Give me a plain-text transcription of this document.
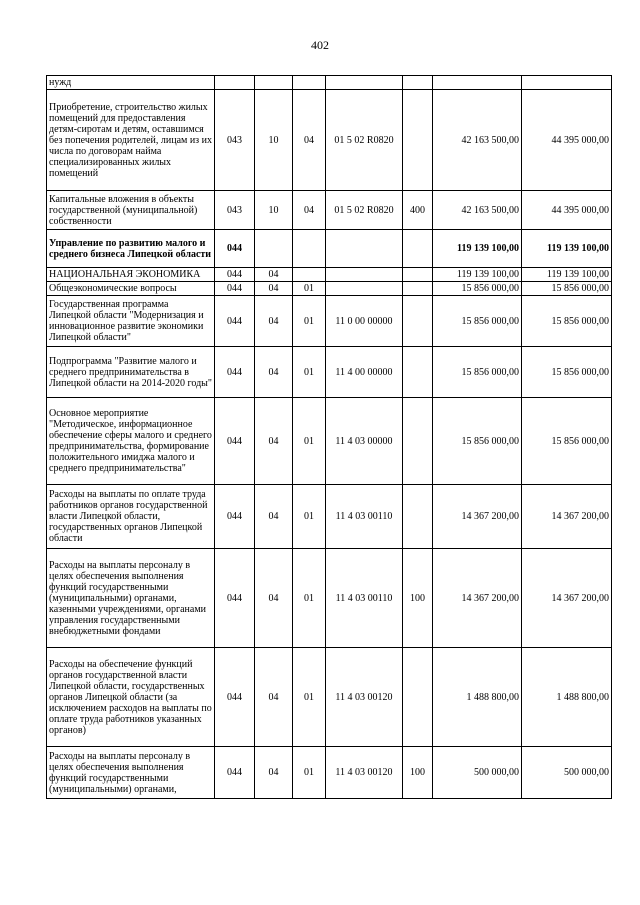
402
нужд							
Приобретение, строительство жилых помещений для предоставления детям-сиротам и детям, оставшимся без попечения родителей, лицам из их числа по договорам найма специализированных жилых помещений	043	10	04	01 5 02 R0820		42 163 500,00	44 395 000,00
Капитальные вложения в объекты государственной (муниципальной) собственности	043	10	04	01 5 02 R0820	400	42 163 500,00	44 395 000,00
Управление по развитию малого и среднего бизнеса Липецкой области	044					119 139 100,00	119 139 100,00
НАЦИОНАЛЬНАЯ ЭКОНОМИКА	044	04				119 139 100,00	119 139 100,00
Общеэкономические вопросы	044	04	01			15 856 000,00	15 856 000,00
Государственная программа Липецкой области "Модернизация и инновационное развитие экономики Липецкой области"	044	04	01	11 0 00 00000		15 856 000,00	15 856 000,00
Подпрограмма "Развитие малого и среднего предпринимательства в Липецкой области на 2014-2020 годы"	044	04	01	11 4 00 00000		15 856 000,00	15 856 000,00
Основное мероприятие "Методическое, информационное обеспечение сферы малого и среднего предпринимательства, формирование положительного имиджа малого и среднего предпринимательства"	044	04	01	11 4 03 00000		15 856 000,00	15 856 000,00
Расходы на выплаты по оплате труда работников органов государственной власти Липецкой области, государственных органов Липецкой области	044	04	01	11 4 03 00110		14 367 200,00	14 367 200,00
Расходы на выплаты персоналу в целях обеспечения выполнения функций государственными (муниципальными) органами, казенными учреждениями, органами управления государственными внебюджетными фондами	044	04	01	11 4 03 00110	100	14 367 200,00	14 367 200,00
Расходы на обеспечение функций органов государственной власти Липецкой области, государственных органов Липецкой области (за исключением расходов на выплаты по оплате труда работников указанных органов)	044	04	01	11 4 03 00120		1 488 800,00	1 488 800,00
Расходы на выплаты персоналу в целях обеспечения выполнения функций государственными (муниципальными) органами,	044	04	01	11 4 03 00120	100	500 000,00	500 000,00
